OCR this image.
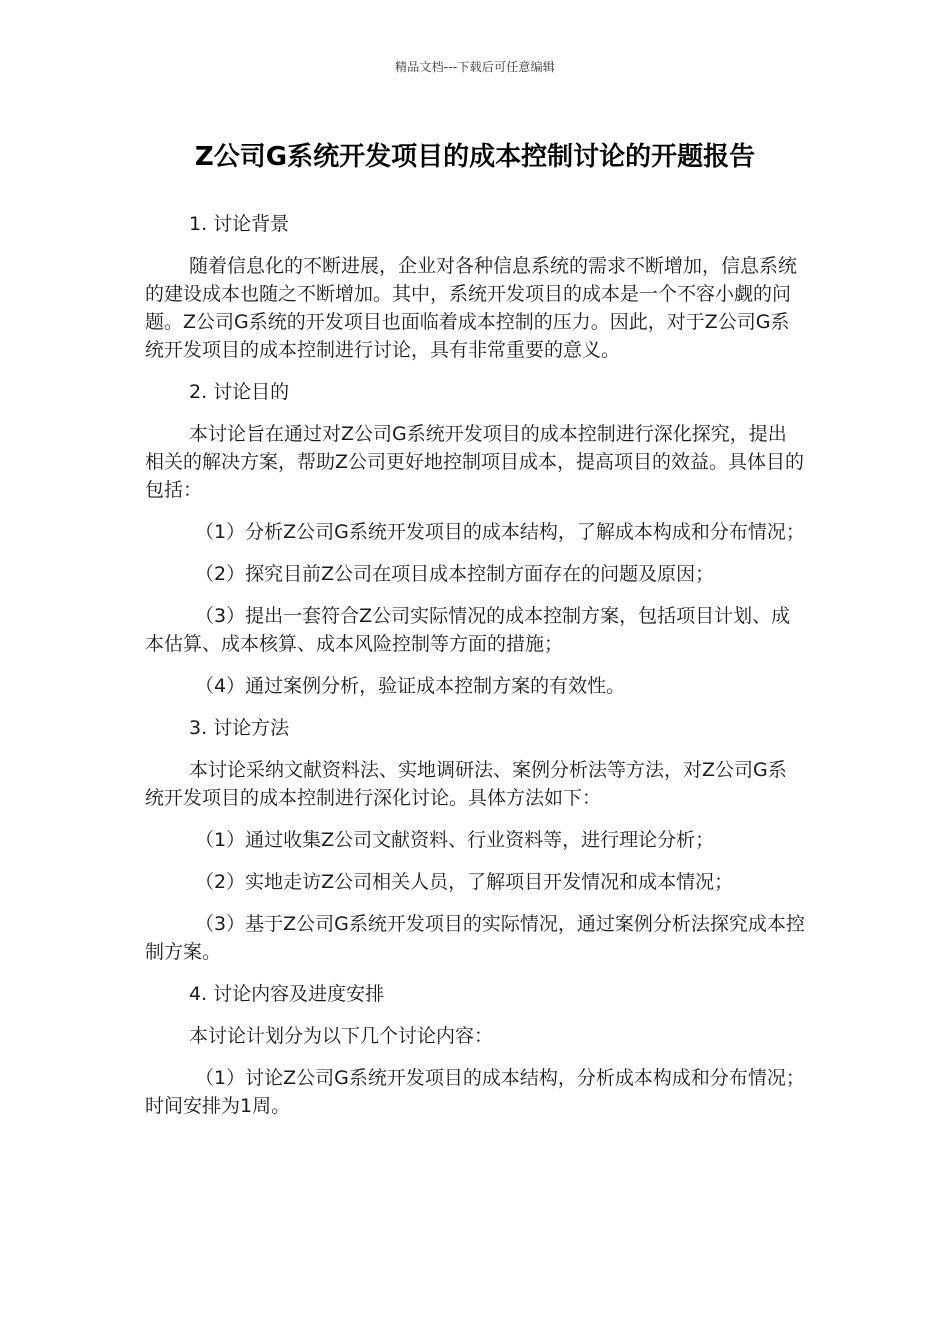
精品文档---下载后可任意编辑
Z公司G系统开发项目的成本控制讨论的开题报告

1. 讨论背景

随着信息化的不断进展，企业对各种信息系统的需求不断增加，信息系统的建设成本也随之不断增加。其中，系统开发项目的成本是一个不容小觑的问题。Z公司G系统的开发项目也面临着成本控制的压力。因此，对于Z公司G系统开发项目的成本控制进行讨论，具有非常重要的意义。

2. 讨论目的

本讨论旨在通过对Z公司G系统开发项目的成本控制进行深化探究，提出相关的解决方案，帮助Z公司更好地控制项目成本，提高项目的效益。具体目的包括：

（1）分析Z公司G系统开发项目的成本结构，了解成本构成和分布情况；

（2）探究目前Z公司在项目成本控制方面存在的问题及原因；

（3）提出一套符合Z公司实际情况的成本控制方案，包括项目计划、成本估算、成本核算、成本风险控制等方面的措施；

（4）通过案例分析，验证成本控制方案的有效性。

3. 讨论方法

本讨论采纳文献资料法、实地调研法、案例分析法等方法，对Z公司G系统开发项目的成本控制进行深化讨论。具体方法如下：

（1）通过收集Z公司文献资料、行业资料等，进行理论分析；

（2）实地走访Z公司相关人员，了解项目开发情况和成本情况；

（3）基于Z公司G系统开发项目的实际情况，通过案例分析法探究成本控制方案。

4. 讨论内容及进度安排

本讨论计划分为以下几个讨论内容：

（1）讨论Z公司G系统开发项目的成本结构，分析成本构成和分布情况；时间安排为1周。
